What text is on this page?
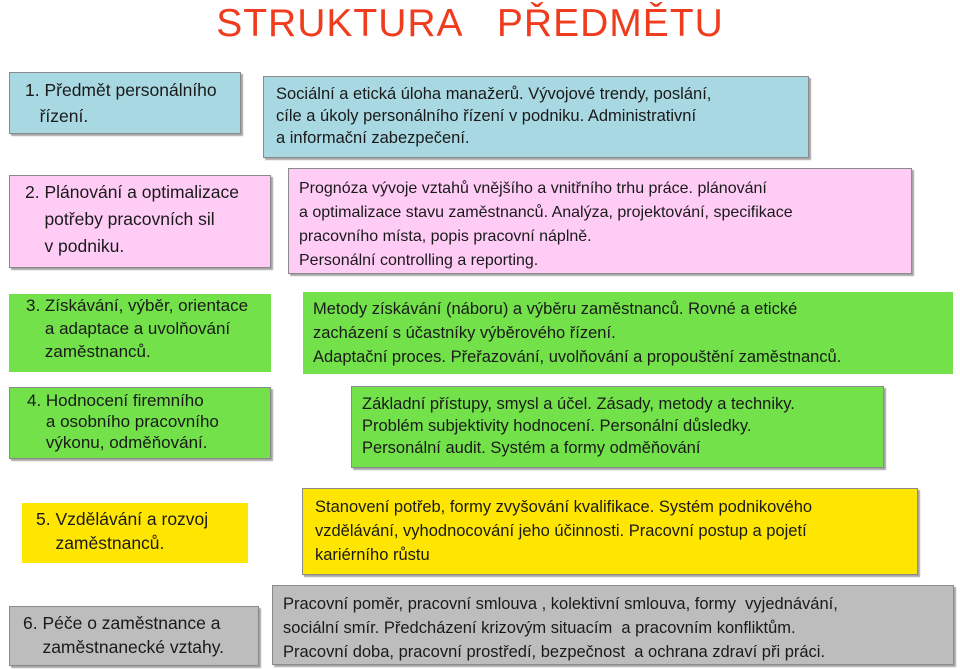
STRUKTURA   PŘEDMĚTU
1. Předmět personálního
řízení.
Sociální a etická úloha manažerů. Vývojové trendy, poslání,
cíle a úkoly personálního řízení v podniku. Administrativní
a informační zabezpečení.
2. Plánování a optimalizace
potřeby pracovních sil
v podniku.
Prognóza vývoje vztahů vnějšího a vnitřního trhu práce. plánování
a optimalizace stavu zaměstnanců. Analýza, projektování, specifikace
pracovního místa, popis pracovní náplně.
Personální controlling a reporting.
3. Získávání, výběr, orientace
a adaptace a uvolňování
zaměstnanců.
Metody získávání (náboru) a výběru zaměstnanců. Rovné a etické
zacházení s účastníky výběrového řízení.
Adaptační proces. Přeřazování, uvolňování a propouštění zaměstnanců.
4. Hodnocení firemního
a osobního pracovního
výkonu, odměňování.
Základní přístupy, smysl a účel. Zásady, metody a techniky.
Problém subjektivity hodnocení. Personální důsledky.
Personální audit. Systém a formy odměňování
5. Vzdělávání a rozvoj
zaměstnanců.
Stanovení potřeb, formy zvyšování kvalifikace. Systém podnikového
vzdělávání, vyhodnocování jeho účinnosti. Pracovní postup a pojetí
kariérního růstu
6. Péče o zaměstnance a
zaměstnanecké vztahy.
Pracovní poměr, pracovní smlouva , kolektivní smlouva, formy  vyjednávání,
sociální smír. Předcházení krizovým situacím  a pracovním konfliktům.
Pracovní doba, pracovní prostředí, bezpečnost  a ochrana zdraví při práci.
